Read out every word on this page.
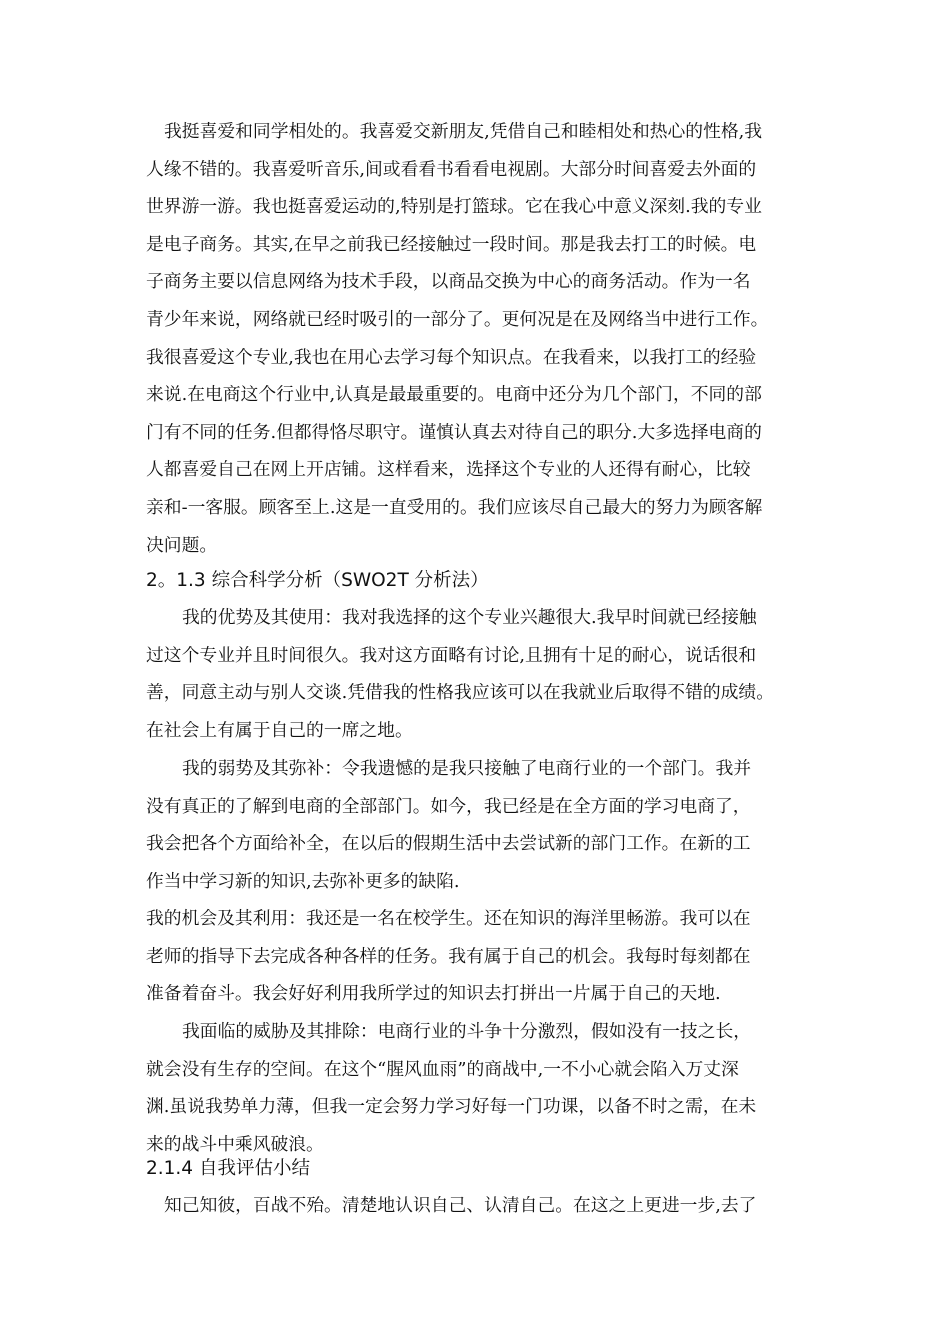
我挺喜爱和同学相处的。我喜爱交新朋友,凭借自己和睦相处和热心的性格,我
人缘不错的。我喜爱听音乐,间或看看书看看电视剧。大部分时间喜爱去外面的
世界游一游。我也挺喜爱运动的,特别是打篮球。它在我心中意义深刻.我的专业
是电子商务。其实,在早之前我已经接触过一段时间。那是我去打工的时候。电
子商务主要以信息网络为技术手段，以商品交换为中心的商务活动。作为一名
青少年来说，网络就已经时吸引的一部分了。更何况是在及网络当中进行工作。
我很喜爱这个专业,我也在用心去学习每个知识点。在我看来，以我打工的经验
来说.在电商这个行业中,认真是最最重要的。电商中还分为几个部门，不同的部
门有不同的任务.但都得恪尽职守。谨慎认真去对待自己的职分.大多选择电商的
人都喜爱自己在网上开店铺。这样看来，选择这个专业的人还得有耐心，比较
亲和-一客服。顾客至上.这是一直受用的。我们应该尽自己最大的努力为顾客解
决问题。
2。1.3 综合科学分析（SWO2T 分析法）
我的优势及其使用：我对我选择的这个专业兴趣很大.我早时间就已经接触
过这个专业并且时间很久。我对这方面略有讨论,且拥有十足的耐心，说话很和
善，同意主动与别人交谈.凭借我的性格我应该可以在我就业后取得不错的成绩。
在社会上有属于自己的一席之地。
我的弱势及其弥补：令我遗憾的是我只接触了电商行业的一个部门。我并
没有真正的了解到电商的全部部门。如今，我已经是在全方面的学习电商了，
我会把各个方面给补全，在以后的假期生活中去尝试新的部门工作。在新的工
作当中学习新的知识,去弥补更多的缺陷.
我的机会及其利用：我还是一名在校学生。还在知识的海洋里畅游。我可以在
老师的指导下去完成各种各样的任务。我有属于自己的机会。我每时每刻都在
准备着奋斗。我会好好利用我所学过的知识去打拼出一片属于自己的天地.
我面临的威胁及其排除：电商行业的斗争十分激烈，假如没有一技之长，
就会没有生存的空间。在这个“腥风血雨”的商战中,一不小心就会陷入万丈深
渊.虽说我势单力薄，但我一定会努力学习好每一门功课，以备不时之需，在未
来的战斗中乘风破浪。
2.1.4 自我评估小结
知己知彼，百战不殆。清楚地认识自己、认清自己。在这之上更进一步,去了
